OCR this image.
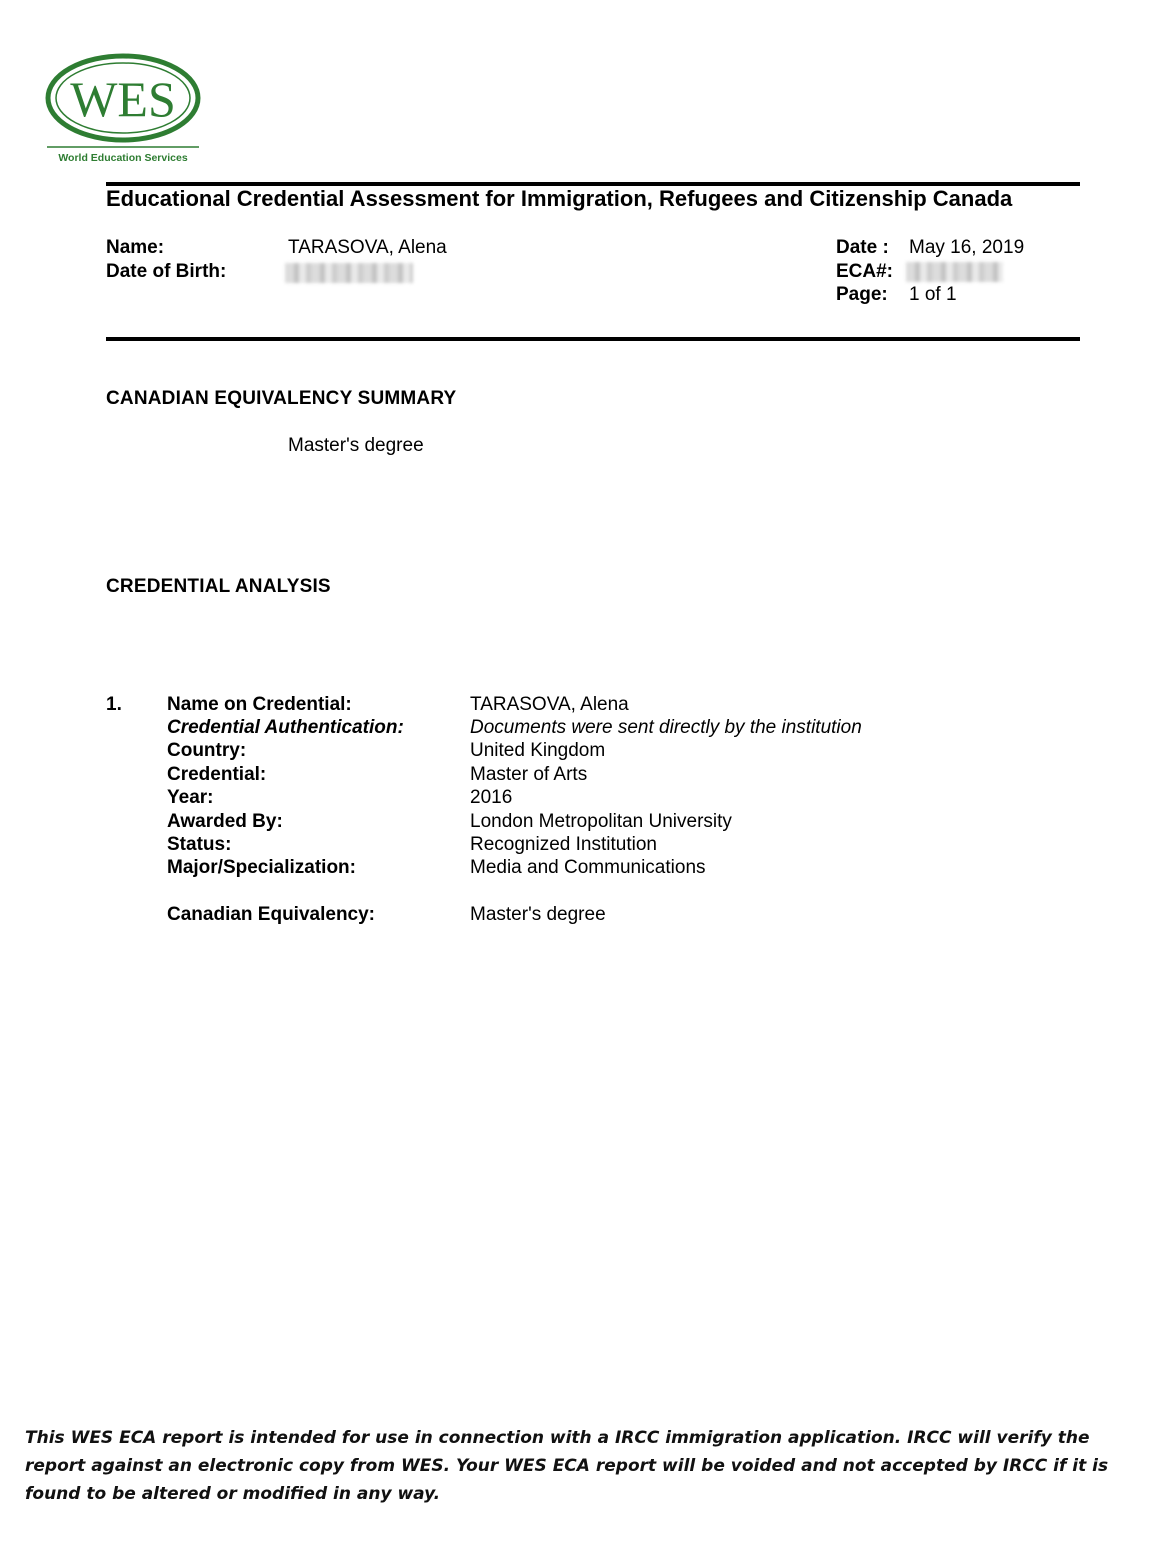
WES
World Education Services
Educational Credential Assessment for Immigration, Refugees and Citizenship Canada
Name:	TARASOVA, Alena
Date of Birth:
Date : May 16, 2019
ECA#:
Page: 1 of 1
CANADIAN EQUIVALENCY SUMMARY
Master's degree
CREDENTIAL ANALYSIS
1. Name on Credential:	TARASOVA, Alena
Credential Authentication:	Documents were sent directly by the institution
Country:	United Kingdom
Credential:	Master of Arts
Year:	2016
Awarded By:	London Metropolitan University
Status:	Recognized Institution
Major/Specialization:	Media and Communications
Canadian Equivalency:	Master's degree
This WES ECA report is intended for use in connection with a IRCC immigration application. IRCC will verify the report against an electronic copy from WES. Your WES ECA report will be voided and not accepted by IRCC if it is found to be altered or modified in any way.
